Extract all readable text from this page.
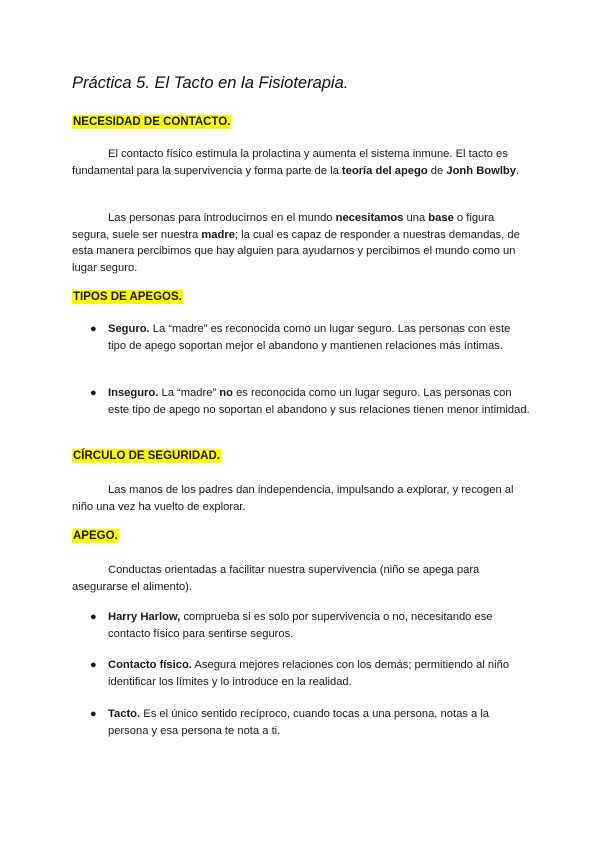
Práctica 5. El Tacto en la Fisioterapia.
NECESIDAD DE CONTACTO.

El contacto físico estimula la prolactina y aumenta el sistema inmune. El tacto es fundamental para la supervivencia y forma parte de la teoría del apego de Jonh Bowlby.

Las personas para introducirnos en el mundo necesitamos una base o figura segura, suele ser nuestra madre; la cual es capaz de responder a nuestras demandas, de esta manera percibimos que hay alguien para ayudarnos y percibimos el mundo como un lugar seguro.

TIPOS DE APEGOS.
● Seguro. La “madre” es reconocida como un lugar seguro. Las personas con este tipo de apego soportan mejor el abandono y mantienen relaciones más íntimas.
● Inseguro. La “madre” no es reconocida como un lugar seguro. Las personas con este tipo de apego no soportan el abandono y sus relaciones tienen menor intimidad.
CÍRCULO DE SEGURIDAD.

Las manos de los padres dan independencia, impulsando a explorar, y recogen al niño una vez ha vuelto de explorar.

APEGO.

Conductas orientadas a facilitar nuestra supervivencia (niño se apega para asegurarse el alimento).

● Harry Harlow, comprueba si es solo por supervivencia o no, necesitando ese contacto físico para sentirse seguros.
● Contacto físico. Asegura mejores relaciones con los demás; permitiendo al niño identificar los límites y lo introduce en la realidad.
● Tacto. Es el único sentido recíproco, cuando tocas a una persona, notas a la persona y esa persona te nota a ti.
